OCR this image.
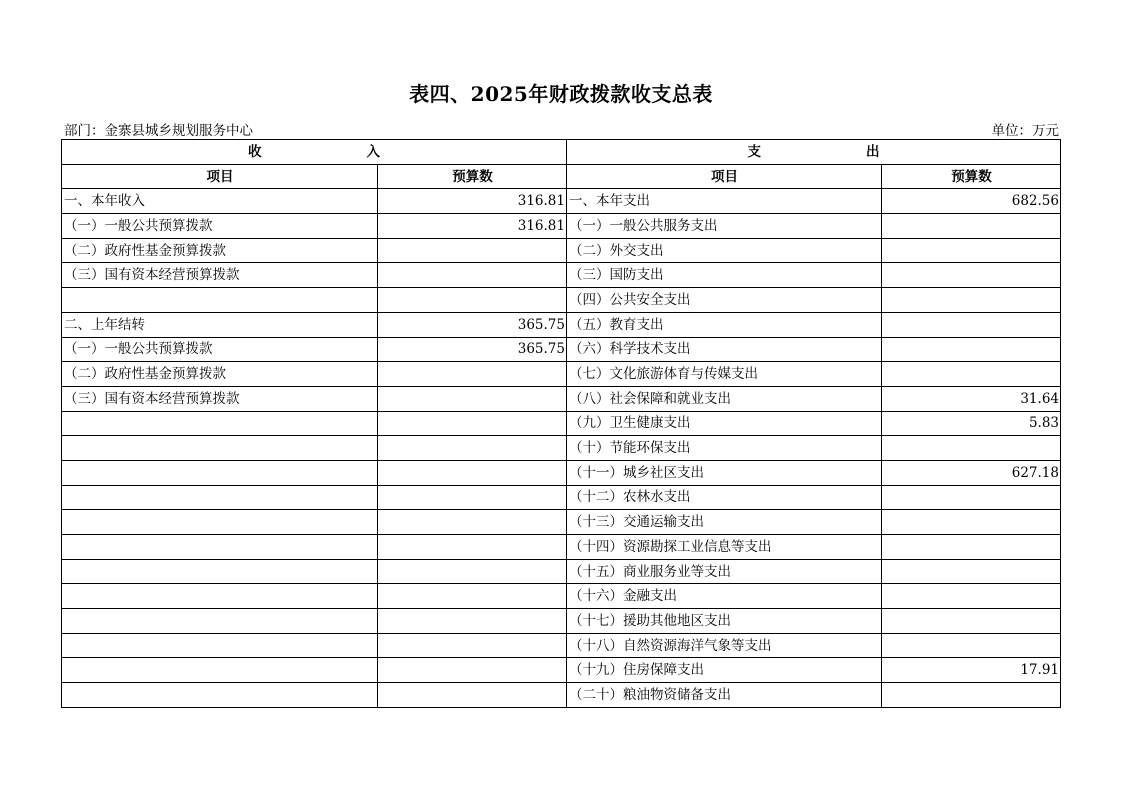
表四、2025年财政拨款收支总表
部门：金寨县城乡规划服务中心	单位：万元
收 入		支 出	
项目	预算数	项目	预算数
一、本年收入	316.81	一、本年支出	682.56
（一）一般公共预算拨款	316.81	（一）一般公共服务支出	
（二）政府性基金预算拨款		（二）外交支出	
（三）国有资本经营预算拨款		（三）国防支出	
		（四）公共安全支出	
二、上年结转	365.75	（五）教育支出	
（一）一般公共预算拨款	365.75	（六）科学技术支出	
（二）政府性基金预算拨款		（七）文化旅游体育与传媒支出	
（三）国有资本经营预算拨款		（八）社会保障和就业支出	31.64
		（九）卫生健康支出	5.83
		（十）节能环保支出	
		（十一）城乡社区支出	627.18
		（十二）农林水支出	
		（十三）交通运输支出	
		（十四）资源勘探工业信息等支出	
		（十五）商业服务业等支出	
		（十六）金融支出	
		（十七）援助其他地区支出	
		（十八）自然资源海洋气象等支出	
		（十九）住房保障支出	17.91
		（二十）粮油物资储备支出	
